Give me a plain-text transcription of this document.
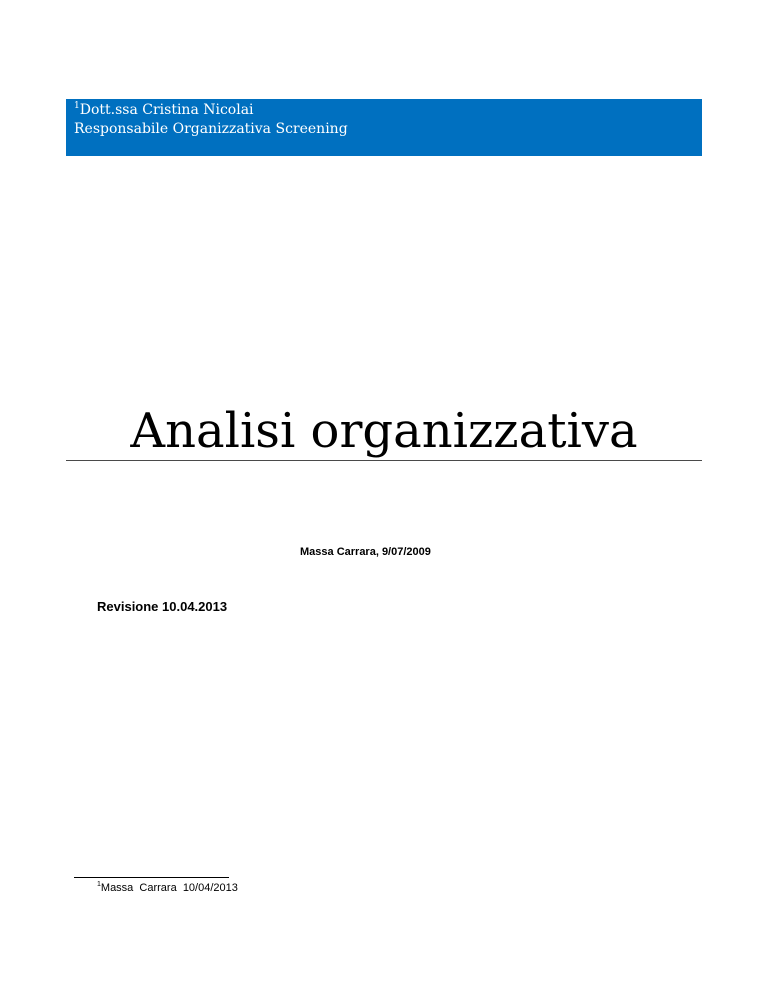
$^1$Dott.ssa Cristina Nicolai
Responsabile Organizzativa Screening
Analisi organizzativa
Massa Carrara, 9/07/2009
Revisione 10.04.2013
$^1$Massa  Carrara  10/04/2013
